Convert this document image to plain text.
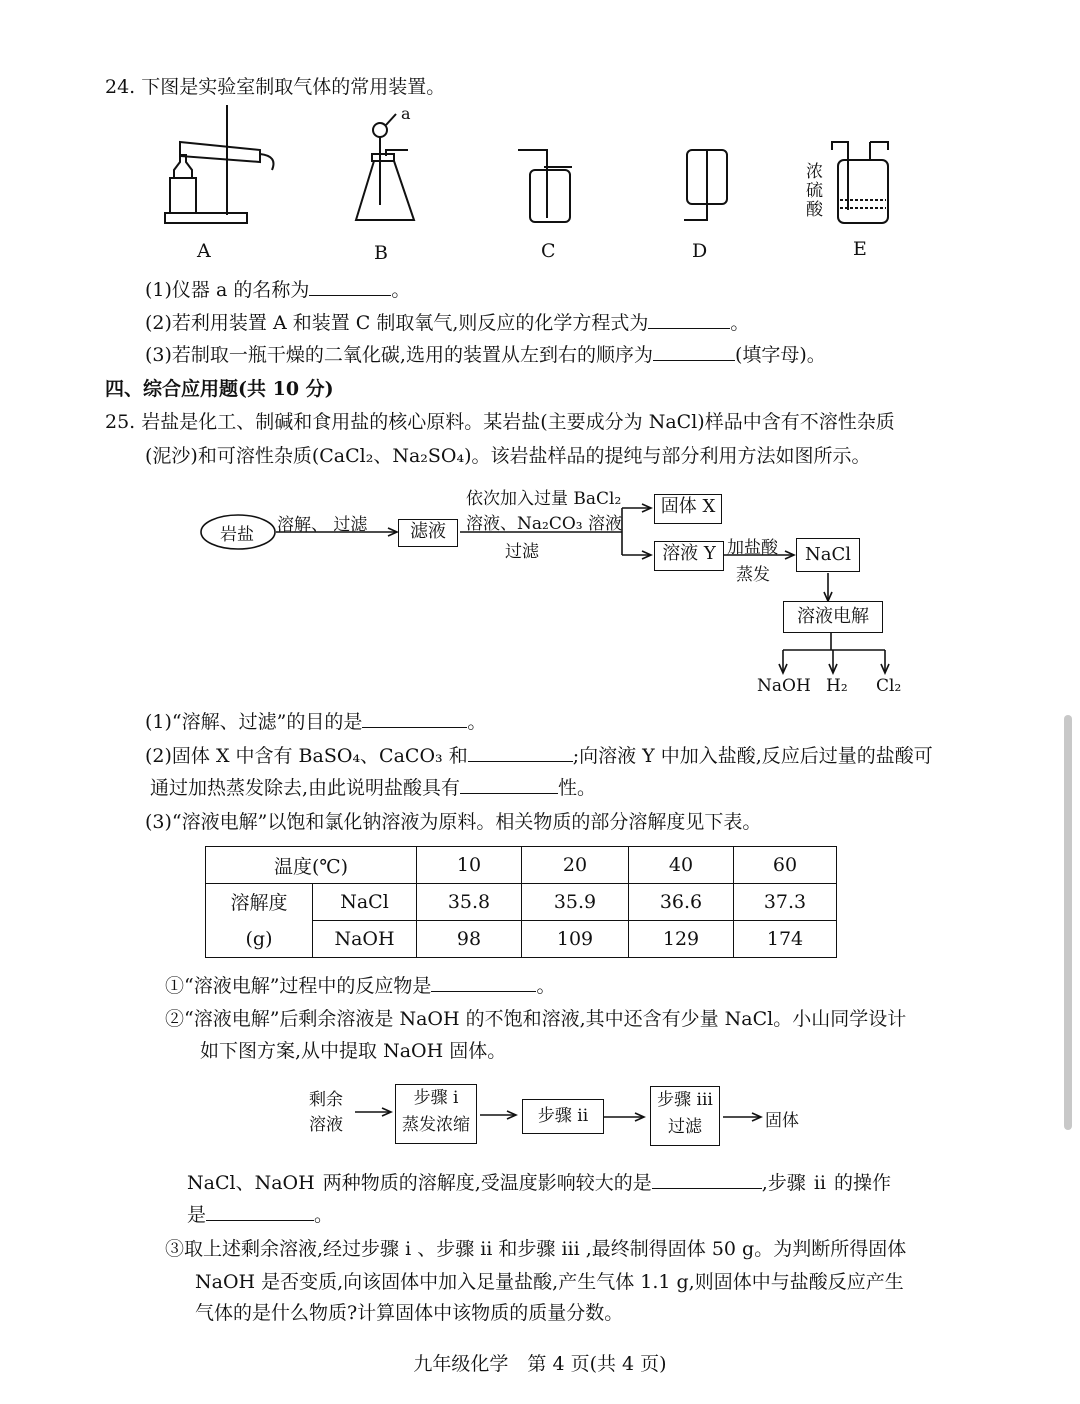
24. 下图是实验室制取气体的常用装置。
a
浓
硫
酸
A	B	C	D	E
(1)仪器 a 的名称为	。
(2)若利用装置 A 和装置 C 制取氧气,则反应的化学方程式为	。
(3)若制取一瓶干燥的二氧化碳,选用的装置从左到右的顺序为	(填字母)。
四、综合应用题(共 10 分)
25. 岩盐是化工、制碱和食用盐的核心原料。某岩盐(主要成分为 NaCl)样品中含有不溶性杂质
(泥沙)和可溶性杂质(CaCl₂、Na₂SO₄)。该岩盐样品的提纯与部分利用方法如图所示。
岩盐 溶解、 过滤	滤液
依次加入过量 BaCl₂
溶液、Na₂CO₃ 溶液
过滤
固体 X
溶液 Y 加盐酸
蒸发
NaCl
溶液电解
NaOH H₂ Cl₂
(1)“溶解、过滤”的目的是	。
(2)固体 X 中含有 BaSO₄、CaCO₃ 和	;向溶液 Y 中加入盐酸,反应后过量的盐酸可
通过加热蒸发除去,由此说明盐酸具有	性。
(3)“溶液电解”以饱和氯化钠溶液为原料。相关物质的部分溶解度见下表。
温度(℃)		10	20	40	60

溶解度
(g)	NaCl	35.8	35.9	36.6	37.3
	NaOH	98	109	129	174
①“溶液电解”过程中的反应物是	。
②“溶液电解”后剩余溶液是 NaOH 的不饱和溶液,其中还含有少量 NaCl。小山同学设计
如下图方案,从中提取 NaOH 固体。
剩余
溶液
步骤 i
蒸发浓缩	步骤 ii
步骤 iii
过滤	固体
NaCl、NaOH 两种物质的溶解度,受温度影响较大的是	,步骤 ii 的操作
是	。
③取上述剩余溶液,经过步骤 i 、步骤 ii 和步骤 iii ,最终制得固体 50 g。为判断所得固体
NaOH 是否变质,向该固体中加入足量盐酸,产生气体 1.1 g,则固体中与盐酸反应产生
气体的是什么物质?计算固体中该物质的质量分数。
九年级化学　第 4 页(共 4 页)
